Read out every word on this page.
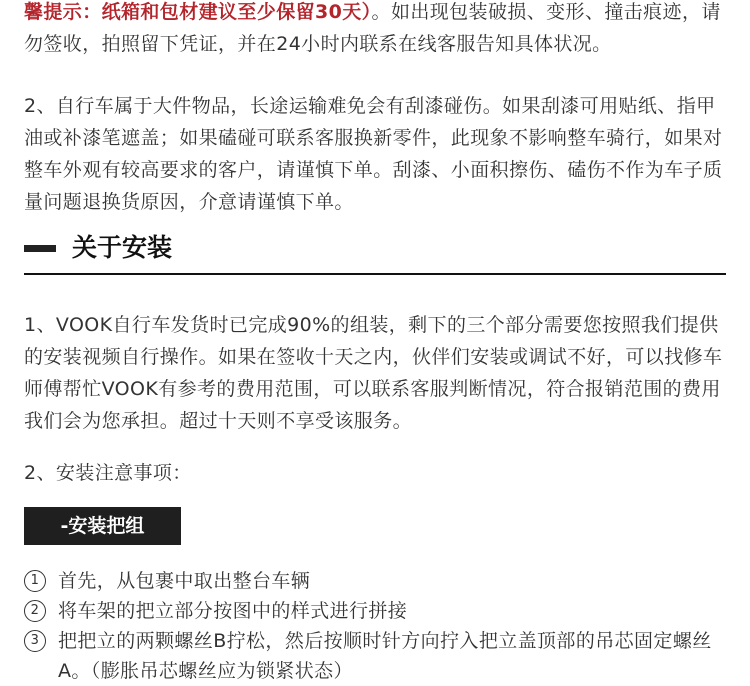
馨提示：纸箱和包材建议至少保留30天）。如出现包装破损、变形、撞击痕迹，请勿签收，拍照留下凭证，并在24小时内联系在线客服告知具体状况。

2、自行车属于大件物品，长途运输难免会有刮漆碰伤。如果刮漆可用贴纸、指甲油或补漆笔遮盖；如果磕碰可联系客服换新零件，此现象不影响整车骑行，如果对整车外观有较高要求的客户，请谨慎下单。刮漆、小面积擦伤、磕伤不作为车子质量问题退换货原因，介意请谨慎下单。

关于安装

1、VOOK自行车发货时已完成90%的组装，剩下的三个部分需要您按照我们提供的安装视频自行操作。如果在签收十天之内，伙伴们安装或调试不好，可以找修车师傅帮忙VOOK有参考的费用范围，可以联系客服判断情况，符合报销范围的费用我们会为您承担。超过十天则不享受该服务。

2、安装注意事项：

-安装把组
1 首先，从包裹中取出整台车辆
2 将车架的把立部分按图中的样式进行拼接
3 把把立的两颗螺丝B拧松，然后按顺时针方向拧入把立盖顶部的吊芯固定螺丝A。（膨胀吊芯螺丝应为锁紧状态）
